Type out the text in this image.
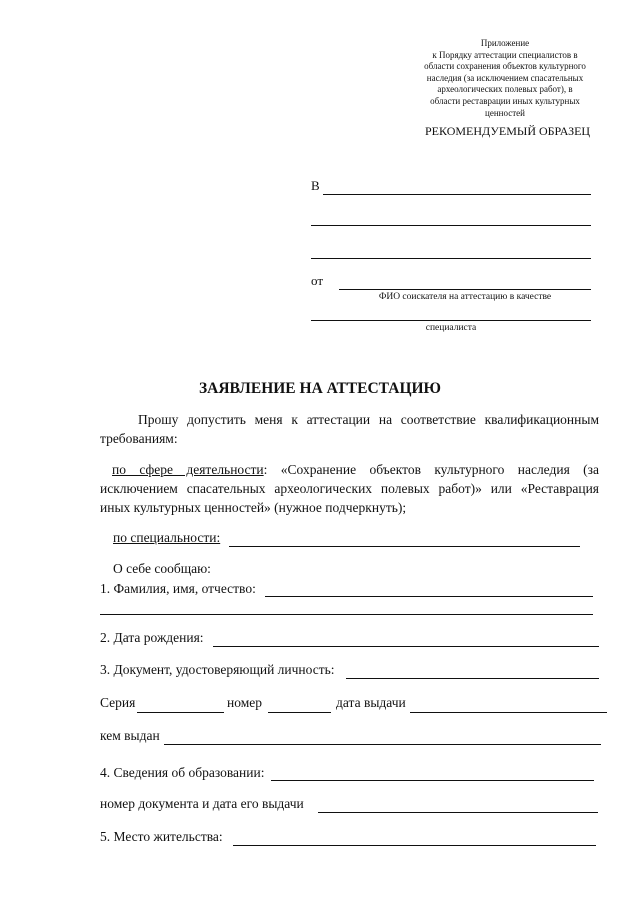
Приложение
к Порядку аттестации специалистов в
области сохранения объектов культурного
наследия (за исключением спасательных
археологических полевых работ), в
области реставрации иных культурных
ценностей
РЕКОМЕНДУЕМЫЙ ОБРАЗЕЦ
В
от
ФИО соискателя на аттестацию в качестве
специалиста
ЗАЯВЛЕНИЕ НА АТТЕСТАЦИЮ
Прошу допустить меня к аттестации на соответствие квалификационным требованиям:
по сфере деятельности: «Сохранение объектов культурного наследия (за исключением спасательных археологических полевых работ)» или «Реставрация иных культурных ценностей» (нужное подчеркнуть);
по специальности:
О себе сообщаю:
1. Фамилия, имя, отчество:
2. Дата рождения:
3. Документ, удостоверяющий личность:
Серия	номер	дата выдачи
кем выдан
4. Сведения об образовании:
номер документа и дата его выдачи
5. Место жительства:
